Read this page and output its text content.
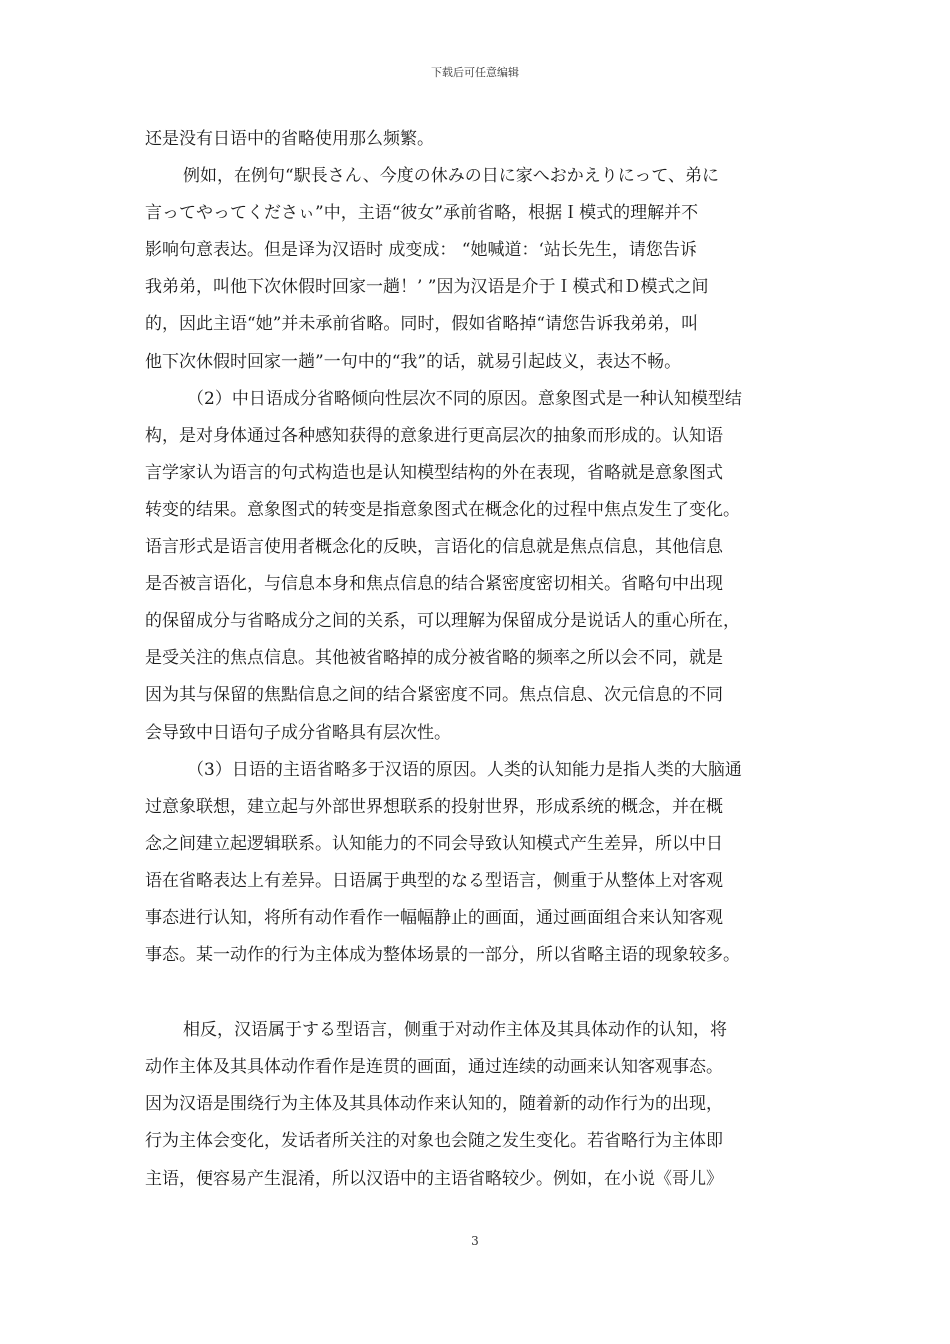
下载后可任意编辑
还是没有日语中的省略使用那么频繁。
例如，在例句“駅長さん、今度の休みの日に家へおかえりにって、弟に
言ってやってくださぃ”中，主语“彼女”承前省略，根据Ｉ模式的理解并不
影响句意表达。但是译为汉语时 成变成： “她喊道：‘站长先生，请您告诉
我弟弟，叫他下次休假时回家一趟！’ ”因为汉语是介于Ｉ模式和Ｄ模式之间
的，因此主语“她”并未承前省略。同时，假如省略掉“请您告诉我弟弟，叫
他下次休假时回家一趟”一句中的“我”的话，就易引起歧义，表达不畅。
（2）中日语成分省略倾向性层次不同的原因。意象图式是一种认知模型结
构，是对身体通过各种感知获得的意象进行更高层次的抽象而形成的。认知语
言学家认为语言的句式构造也是认知模型结构的外在表现，省略就是意象图式
转变的结果。意象图式的转变是指意象图式在概念化的过程中焦点发生了变化。
语言形式是语言使用者概念化的反映，言语化的信息就是焦点信息，其他信息
是否被言语化，与信息本身和焦点信息的结合紧密度密切相关。省略句中出现
的保留成分与省略成分之间的关系，可以理解为保留成分是说话人的重心所在，
是受关注的焦点信息。其他被省略掉的成分被省略的频率之所以会不同，就是
因为其与保留的焦點信息之间的结合紧密度不同。焦点信息、次元信息的不同
会导致中日语句子成分省略具有层次性。
（3）日语的主语省略多于汉语的原因。人类的认知能力是指人类的大脑通
过意象联想，建立起与外部世界想联系的投射世界，形成系统的概念，并在概
念之间建立起逻辑联系。认知能力的不同会导致认知模式产生差异，所以中日
语在省略表达上有差异。日语属于典型的なる型语言，侧重于从整体上对客观
事态进行认知，将所有动作看作一幅幅静止的画面，通过画面组合来认知客观
事态。某一动作的行为主体成为整体场景的一部分，所以省略主语的现象较多。
相反，汉语属于する型语言，侧重于对动作主体及其具体动作的认知，将
动作主体及其具体动作看作是连贯的画面，通过连续的动画来认知客观事态。
因为汉语是围绕行为主体及其具体动作来认知的，随着新的动作行为的出现，
行为主体会变化，发话者所关注的对象也会随之发生变化。若省略行为主体即
主语，便容易产生混淆，所以汉语中的主语省略较少。例如，在小说《哥儿》
3
